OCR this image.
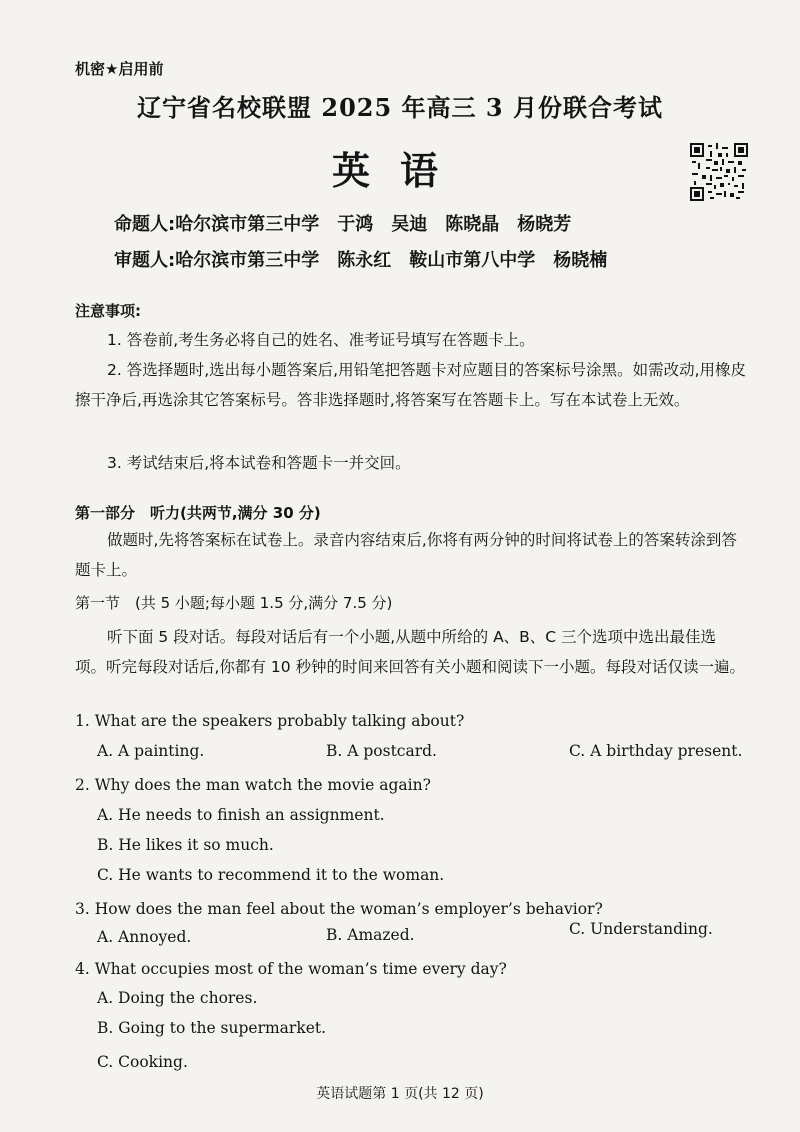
机密★启用前
辽宁省名校联盟 2025 年高三 3 月份联合考试
英语
命题人:哈尔滨市第三中学　于鸿　吴迪　陈晓晶　杨晓芳
审题人:哈尔滨市第三中学　陈永红　鞍山市第八中学　杨晓楠
注意事项:
1. 答卷前,考生务必将自己的姓名、准考证号填写在答题卡上。
2. 答选择题时,选出每小题答案后,用铅笔把答题卡对应题目的答案标号涂黑。如需改动,用橡皮擦干净后,再选涂其它答案标号。答非选择题时,将答案写在答题卡上。写在本试卷上无效。
3. 考试结束后,将本试卷和答题卡一并交回。
第一部分　听力(共两节,满分 30 分)
做题时,先将答案标在试卷上。录音内容结束后,你将有两分钟的时间将试卷上的答案转涂到答题卡上。
第一节　(共 5 小题;每小题 1.5 分,满分 7.5 分)
听下面 5 段对话。每段对话后有一个小题,从题中所给的 A、B、C 三个选项中选出最佳选项。听完每段对话后,你都有 10 秒钟的时间来回答有关小题和阅读下一小题。每段对话仅读一遍。
1. What are the speakers probably talking about?
A. A painting.	B. A postcard.	C. A birthday present.
2. Why does the man watch the movie again?
A. He needs to finish an assignment.
B. He likes it so much.
C. He wants to recommend it to the woman.
3. How does the man feel about the woman’s employer’s behavior?
A. Annoyed.	B. Amazed.	C. Understanding.
4. What occupies most of the woman’s time every day?
A. Doing the chores.
B. Going to the supermarket.
C. Cooking.
英语试题第 1 页(共 12 页)
